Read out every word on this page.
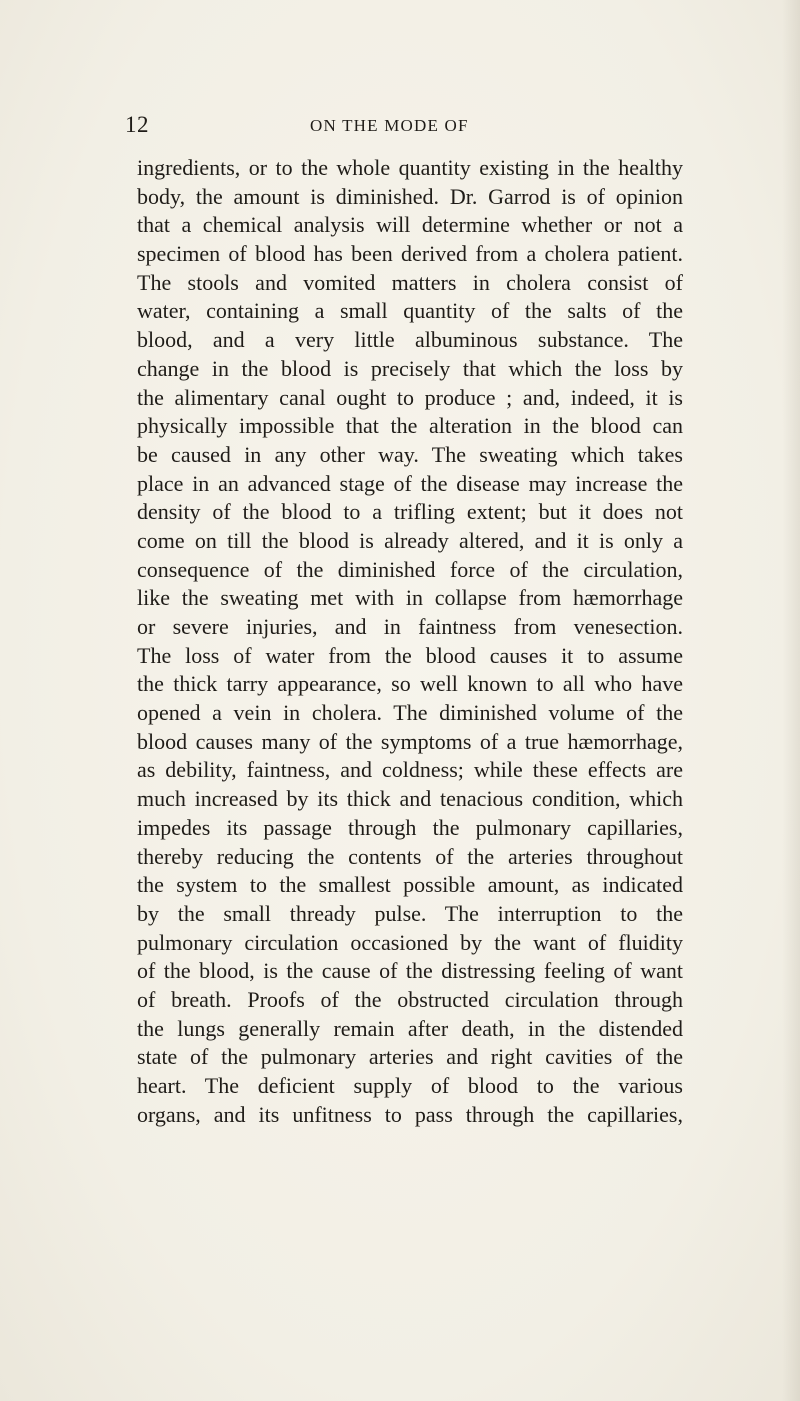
12	ON THE MODE OF
ingredients, or to the whole quantity existing in the healthy
body, the amount is diminished. Dr. Garrod is of opinion
that a chemical analysis will determine whether or not a
specimen of blood has been derived from a cholera patient.
The stools and vomited matters in cholera consist of
water, containing a small quantity of the salts of the
blood, and a very little albuminous substance. The
change in the blood is precisely that which the loss by
the alimentary canal ought to produce ; and, indeed, it is
physically impossible that the alteration in the blood can
be caused in any other way. The sweating which takes
place in an advanced stage of the disease may increase the
density of the blood to a trifling extent; but it does not
come on till the blood is already altered, and it is only a
consequence of the diminished force of the circulation,
like the sweating met with in collapse from hæmorrhage
or severe injuries, and in faintness from venesection.
The loss of water from the blood causes it to assume
the thick tarry appearance, so well known to all who have
opened a vein in cholera. The diminished volume of the
blood causes many of the symptoms of a true hæmorrhage,
as debility, faintness, and coldness; while these effects are
much increased by its thick and tenacious condition, which
impedes its passage through the pulmonary capillaries,
thereby reducing the contents of the arteries throughout
the system to the smallest possible amount, as indicated
by the small thready pulse. The interruption to the
pulmonary circulation occasioned by the want of fluidity
of the blood, is the cause of the distressing feeling of want
of breath. Proofs of the obstructed circulation through
the lungs generally remain after death, in the distended
state of the pulmonary arteries and right cavities of the
heart. The deficient supply of blood to the various
organs, and its unfitness to pass through the capillaries,
